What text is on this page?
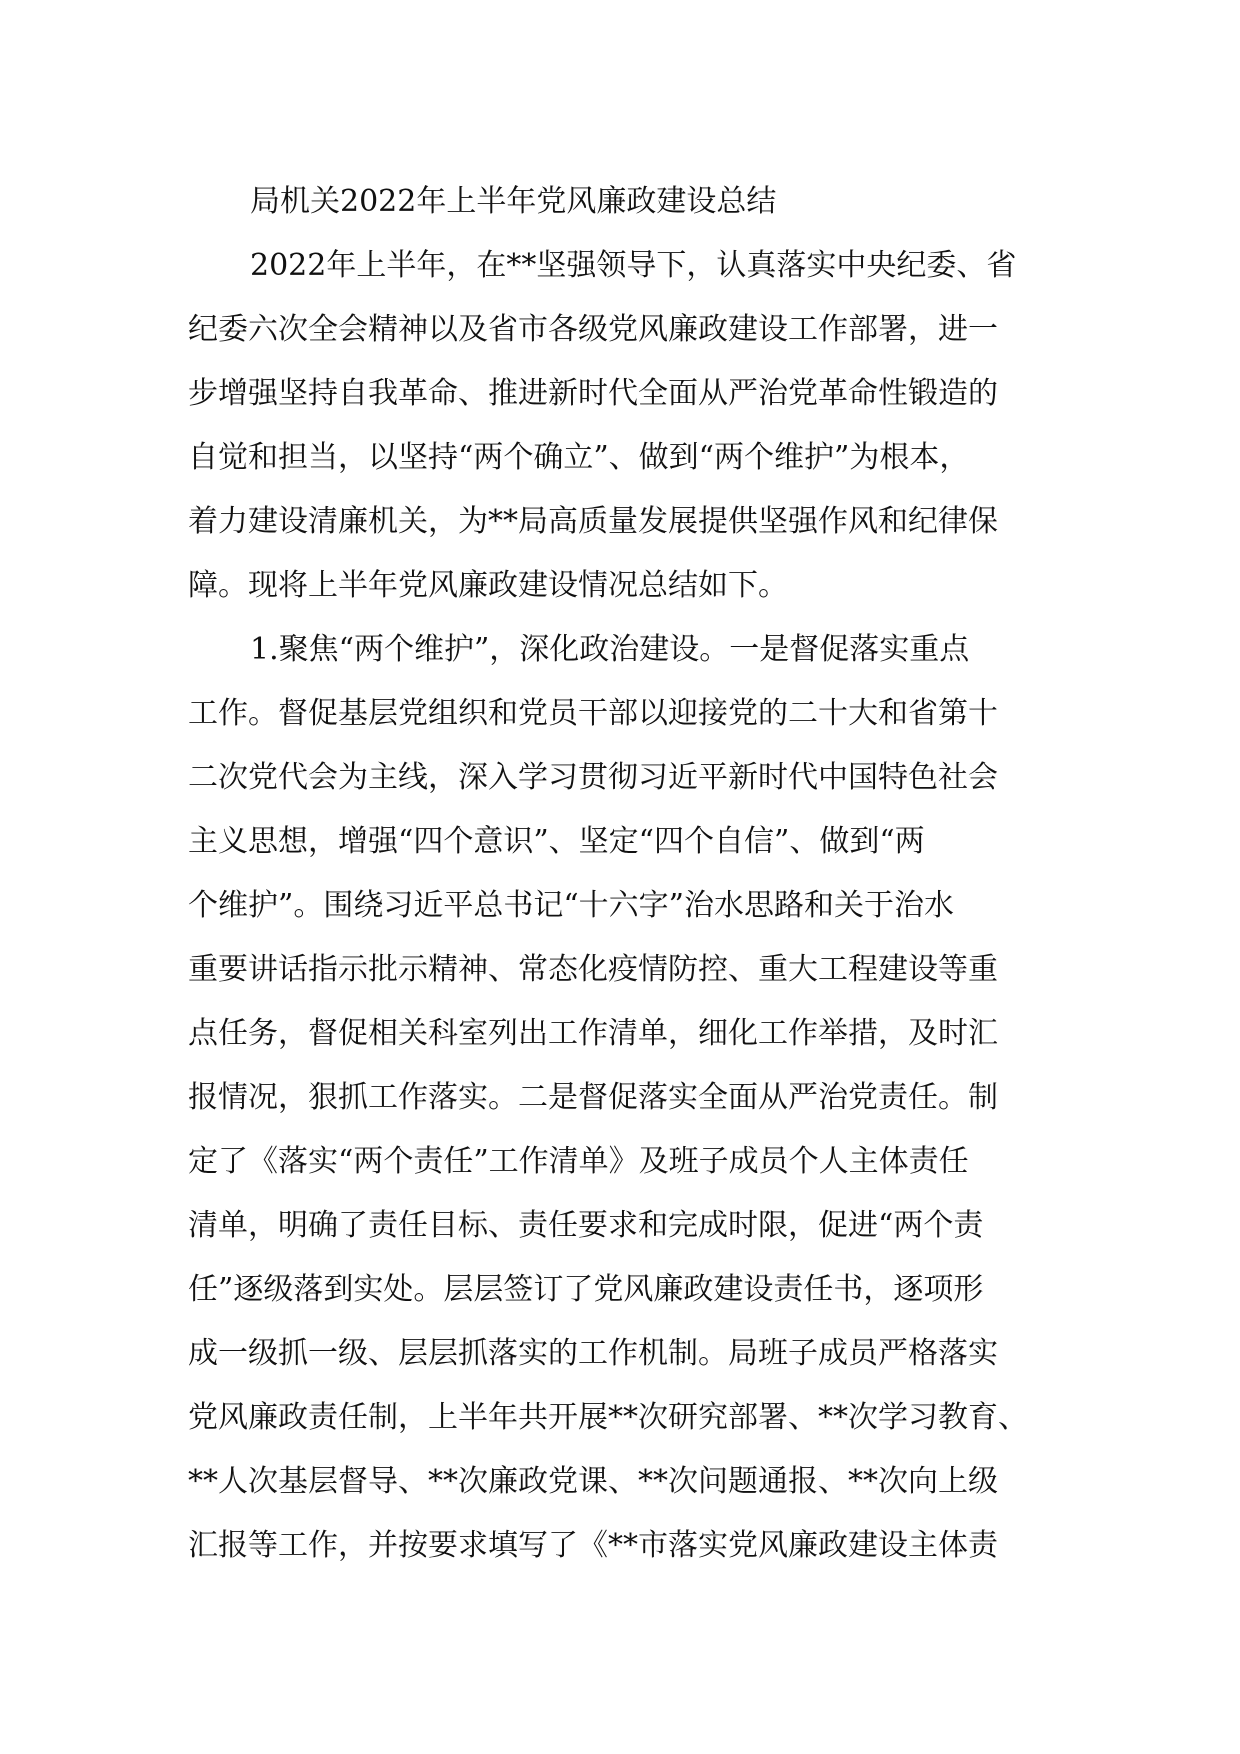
局机关2022年上半年党风廉政建设总结
2022年上半年，在**坚强领导下，认真落实中央纪委、省
纪委六次全会精神以及省市各级党风廉政建设工作部署，进一
步增强坚持自我革命、推进新时代全面从严治党革命性锻造的
自觉和担当，以坚持“两个确立”、做到“两个维护”为根本，
着力建设清廉机关，为**局高质量发展提供坚强作风和纪律保
障。现将上半年党风廉政建设情况总结如下。
1.聚焦“两个维护”，深化政治建设。一是督促落实重点
工作。督促基层党组织和党员干部以迎接党的二十大和省第十
二次党代会为主线，深入学习贯彻习近平新时代中国特色社会
主义思想，增强“四个意识”、坚定“四个自信”、做到“两
个维护”。围绕习近平总书记“十六字”治水思路和关于治水
重要讲话指示批示精神、常态化疫情防控、重大工程建设等重
点任务，督促相关科室列出工作清单，细化工作举措，及时汇
报情况，狠抓工作落实。二是督促落实全面从严治党责任。制
定了《落实“两个责任”工作清单》及班子成员个人主体责任
清单，明确了责任目标、责任要求和完成时限，促进“两个责
任”逐级落到实处。层层签订了党风廉政建设责任书，逐项形
成一级抓一级、层层抓落实的工作机制。局班子成员严格落实
党风廉政责任制，上半年共开展**次研究部署、**次学习教育、
**人次基层督导、**次廉政党课、**次问题通报、**次向上级
汇报等工作，并按要求填写了《**市落实党风廉政建设主体责
